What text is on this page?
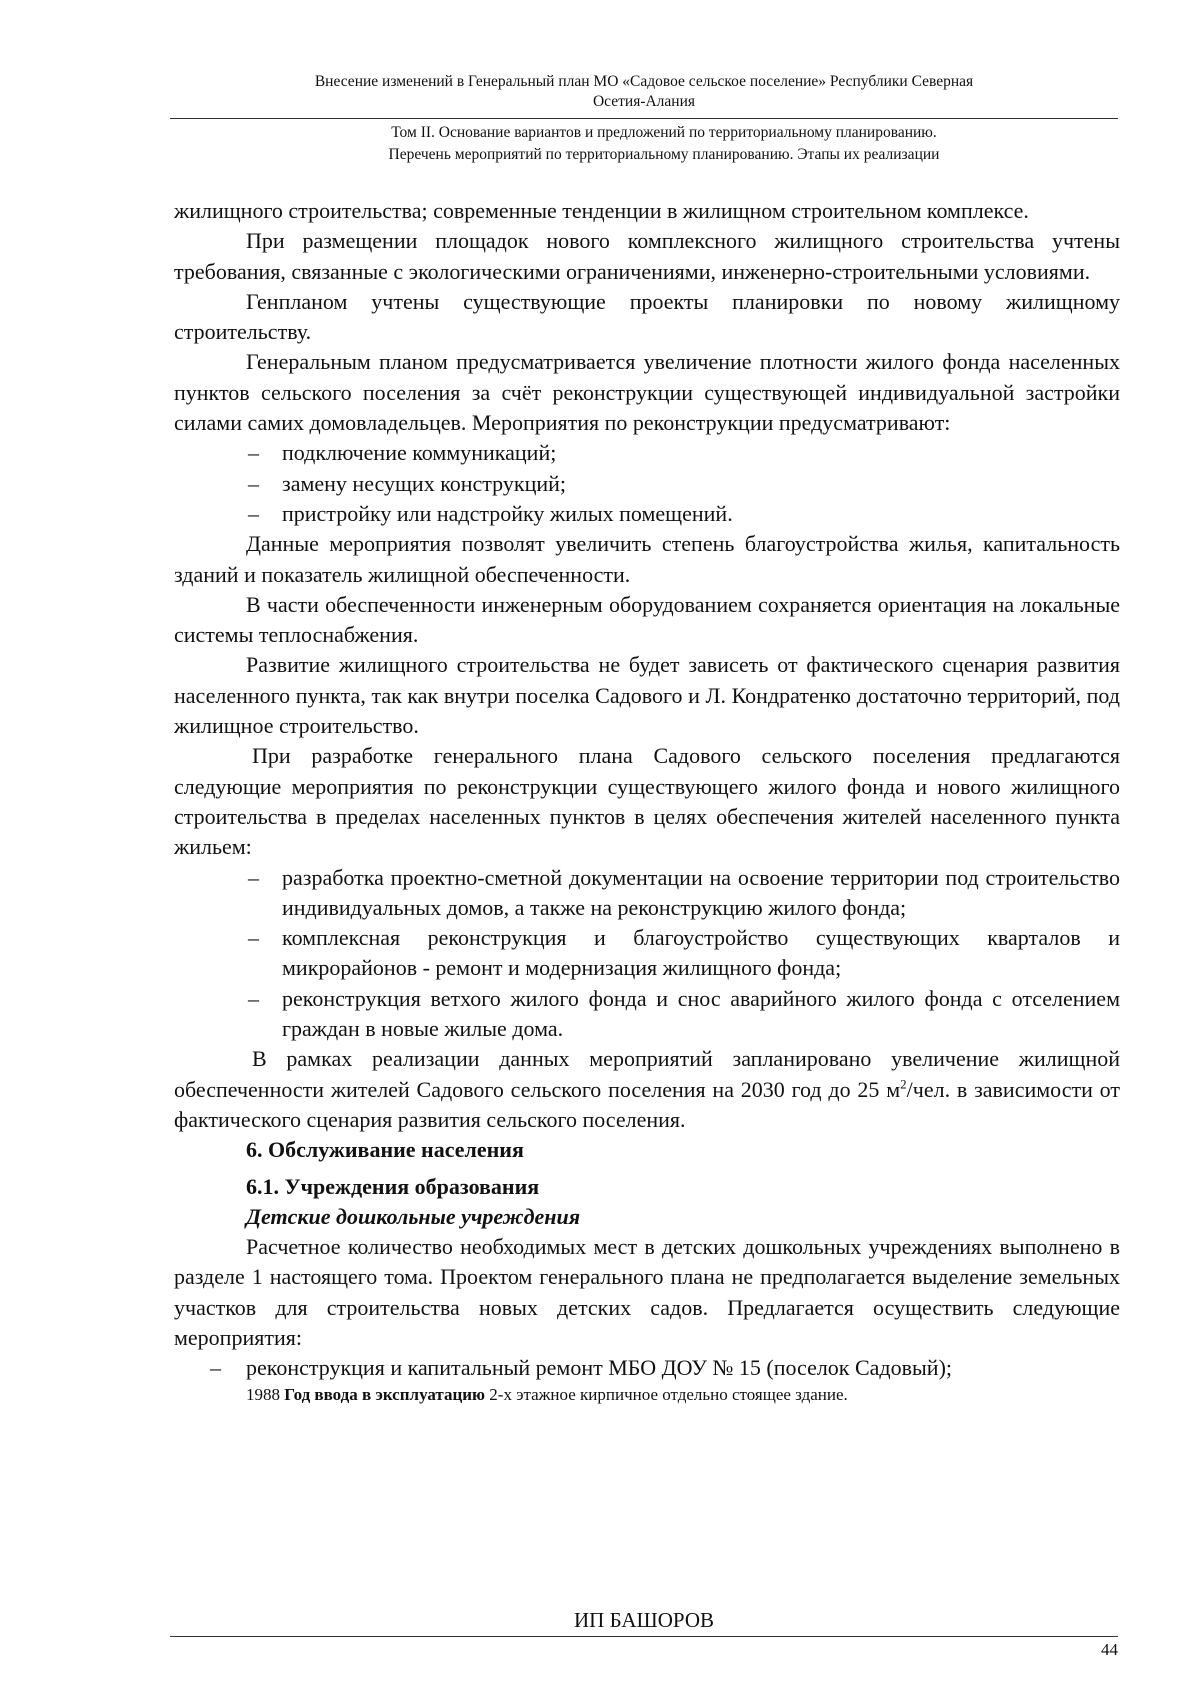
Внесение изменений в Генеральный план МО «Садовое сельское поселение» Республики Северная
Осетия-Алания
Том II. Основание вариантов и предложений по территориальному планированию.
Перечень мероприятий по территориальному планированию. Этапы их реализации

жилищного строительства; современные тенденции в жилищном строительном комплексе.

При размещении площадок нового комплексного жилищного строительства учтены требования, связанные с экологическими ограничениями, инженерно-строительными условиями.

Генпланом учтены существующие проекты планировки по новому жилищному строительству.

Генеральным планом предусматривается увеличение плотности жилого фонда населенных пунктов сельского поселения за счёт реконструкции существующей индивидуальной застройки силами самих домовладельцев. Мероприятия по реконструкции предусматривают:

– подключение коммуникаций;
– замену несущих конструкций;
– пристройку или надстройку жилых помещений.

Данные мероприятия позволят увеличить степень благоустройства жилья, капитальность зданий и показатель жилищной обеспеченности.

В части обеспеченности инженерным оборудованием сохраняется ориентация на локальные системы теплоснабжения.

Развитие жилищного строительства не будет зависеть от фактического сценария развития населенного пункта, так как внутри поселка Садового и Л. Кондратенко достаточно территорий, под жилищное строительство.

При разработке генерального плана Садового сельского поселения предлагаются следующие мероприятия по реконструкции существующего жилого фонда и нового жилищного строительства в пределах населенных пунктов в целях обеспечения жителей населенного пункта жильем:

– разработка проектно-сметной документации на освоение территории под строительство индивидуальных домов, а также на реконструкцию жилого фонда;
– комплексная реконструкция и благоустройство существующих кварталов и микрорайонов - ремонт и модернизация жилищного фонда;
– реконструкция ветхого жилого фонда и снос аварийного жилого фонда с отселением граждан в новые жилые дома.

В рамках реализации данных мероприятий запланировано увеличение жилищной обеспеченности жителей Садового сельского поселения на 2030 год до 25 $м^2$/чел. в зависимости от фактического сценария развития сельского поселения.

6. Обслуживание населения

6.1. Учреждения образования

Детские дошкольные учреждения

Расчетное количество необходимых мест в детских дошкольных учреждениях выполнено в разделе 1 настоящего тома. Проектом генерального плана не предполагается выделение земельных участков для строительства новых детских садов. Предлагается осуществить следующие мероприятия:

– реконструкция и капитальный ремонт МБО ДОУ № 15 (поселок Садовый);

1988 Год ввода в эксплуатацию 2-х этажное кирпичное отдельно стоящее здание.

ИП БАШОРОВ
44
